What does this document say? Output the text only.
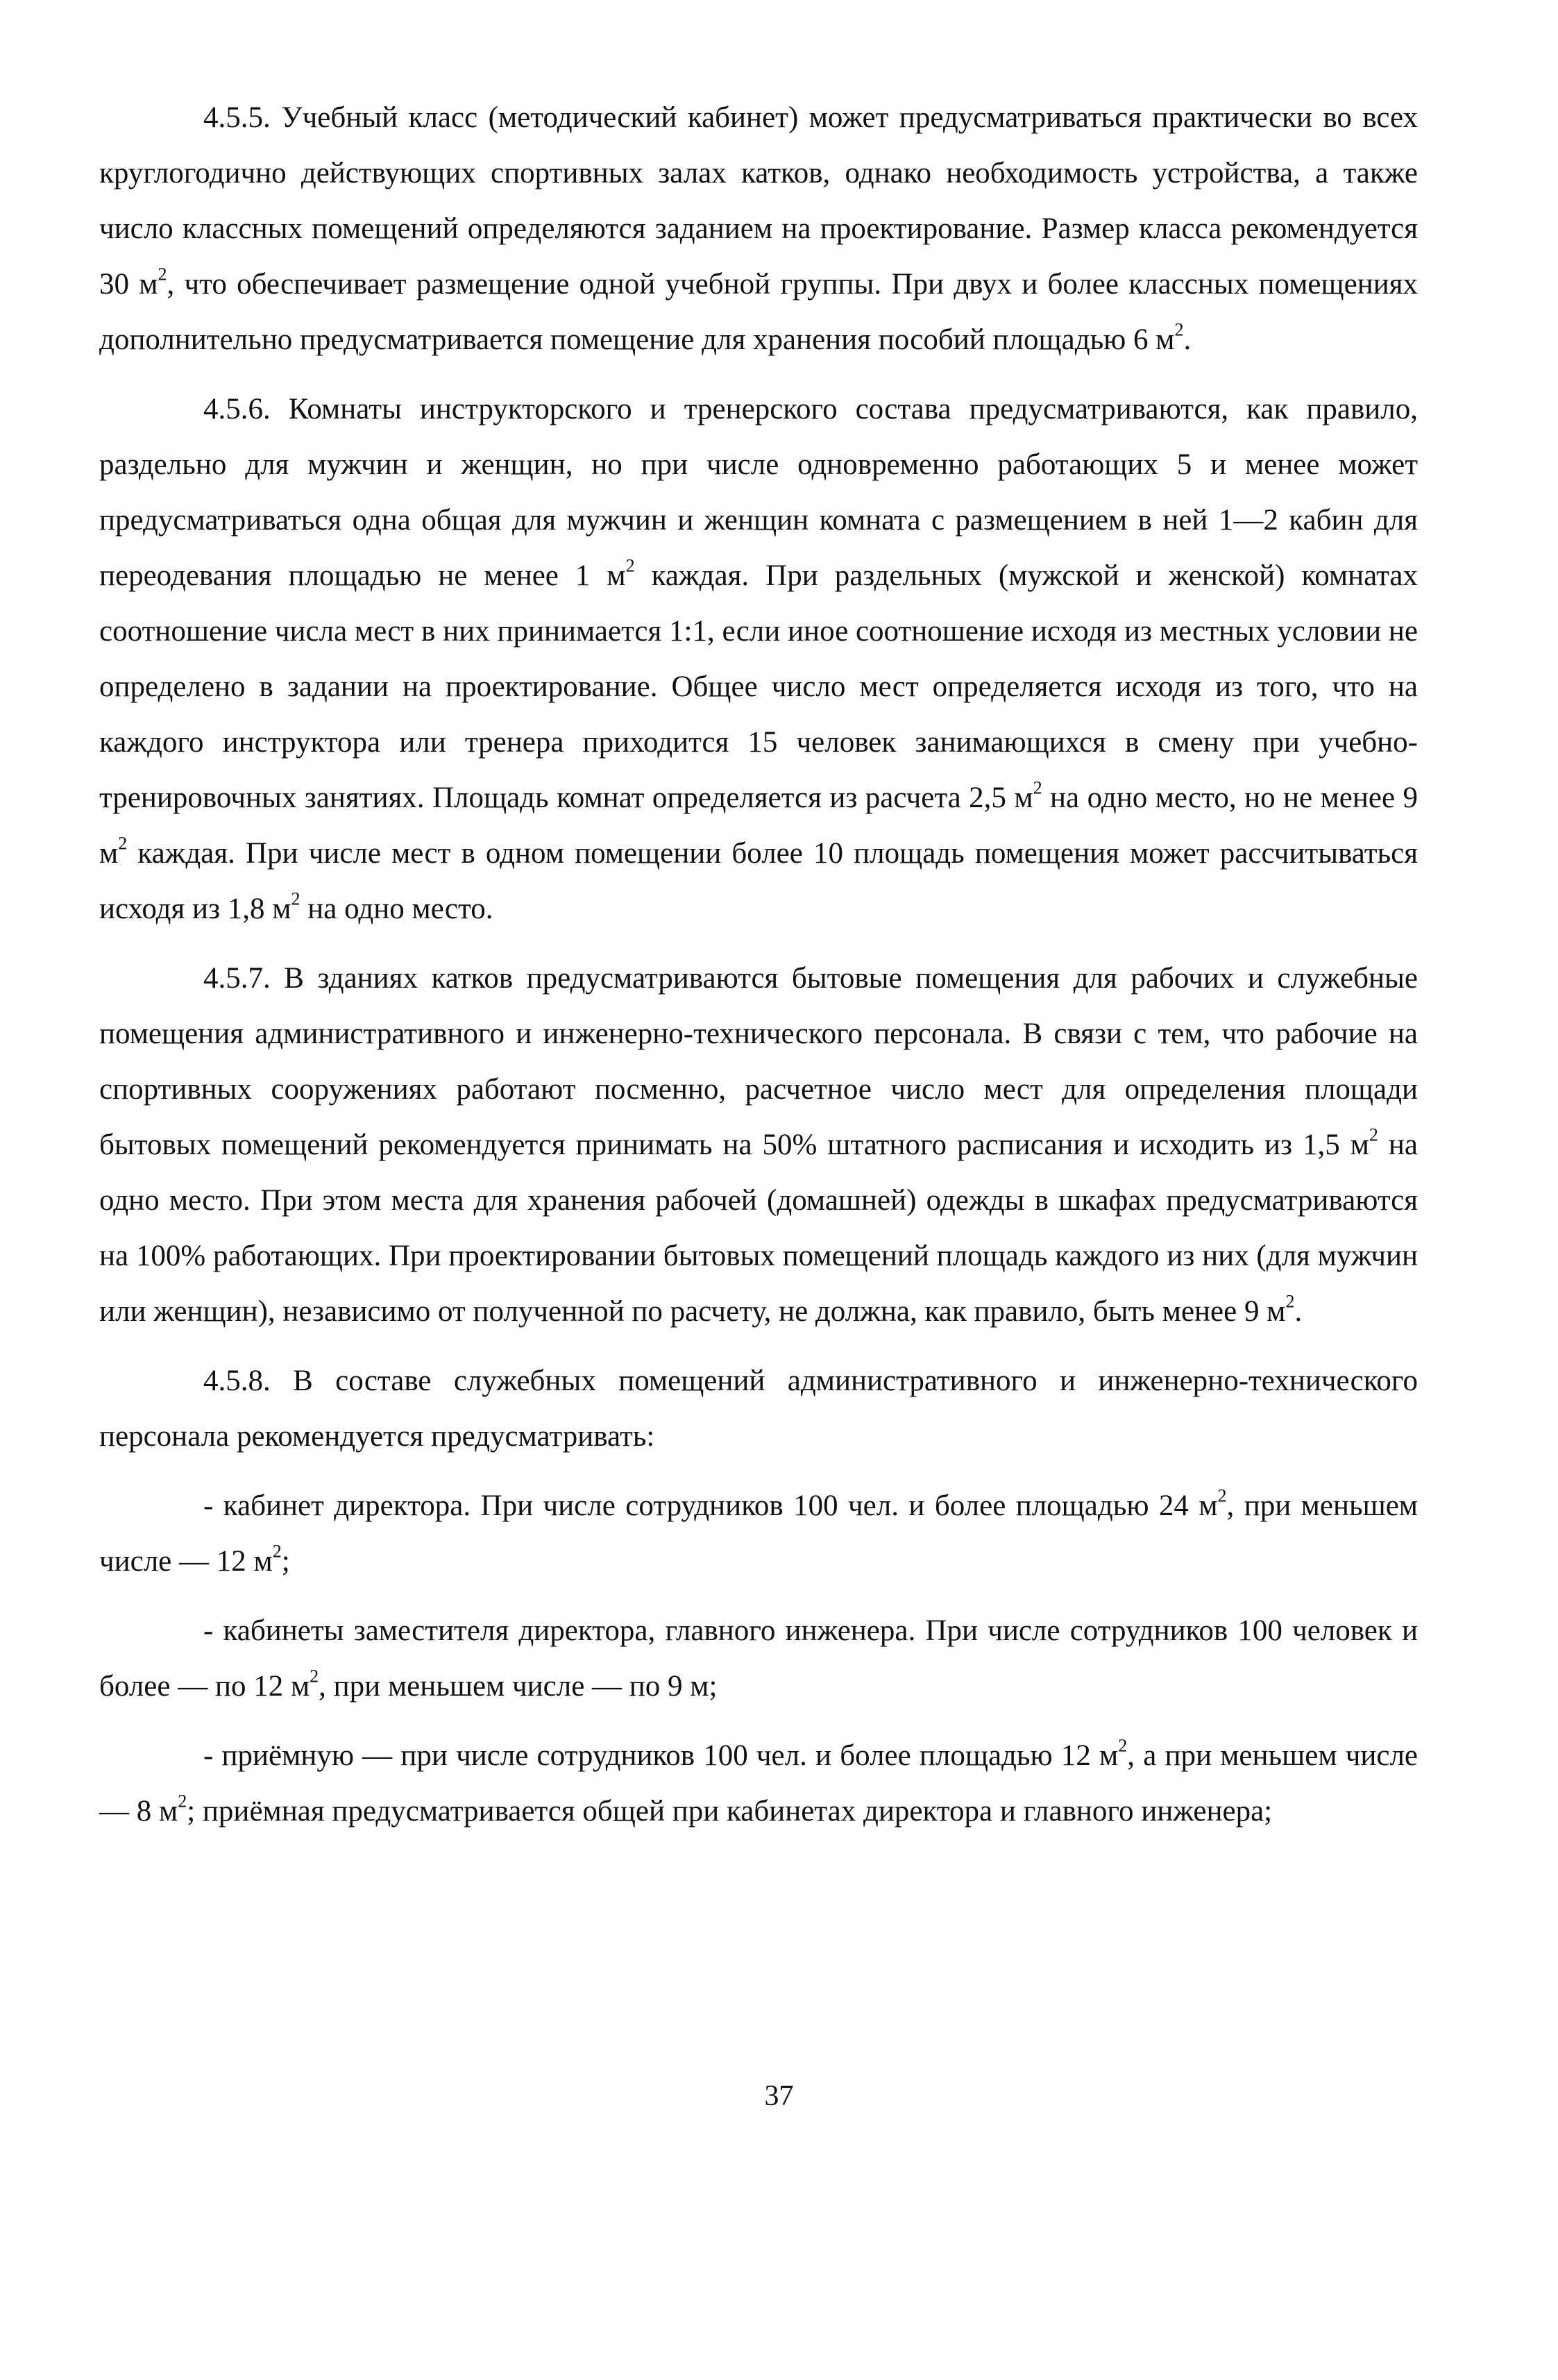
4.5.5. Учебный класс (методический кабинет) может предусматриваться практически во всех круглогодично действующих спортивных залах катков, однако необходимость устройства, а также число классных помещений определяются заданием на проектирование. Размер класса рекомендуется 30 $м^2$, что обеспечивает размещение одной учебной группы. При двух и более классных помещениях дополнительно предусматривается помещение для хранения пособий площадью 6 $м^2$.

4.5.6. Комнаты инструкторского и тренерского состава предусматриваются, как правило, раздельно для мужчин и женщин, но при числе одновременно работающих 5 и менее может предусматриваться одна общая для мужчин и женщин комната с размещением в ней 1—2 кабин для переодевания площадью не менее 1 $м^2$ каждая. При раздельных (мужской и женской) комнатах соотношение числа мест в них принимается 1:1, если иное соотношение исходя из местных условии не определено в задании на проектирование. Общее число мест определяется исходя из того, что на каждого инструктора или тренера приходится 15 человек занимающихся в смену при учебно-тренировочных занятиях. Площадь комнат определяется из расчета 2,5 $м^2$ на одно место, но не менее 9 $м^2$ каждая. При числе мест в одном помещении более 10 площадь помещения может рассчитываться исходя из 1,8 $м^2$ на одно место.

4.5.7. В зданиях катков предусматриваются бытовые помещения для рабочих и служебные помещения административного и инженерно-технического персонала. В связи с тем, что рабочие на спортивных сооружениях работают посменно, расчетное число мест для определения площади бытовых помещений рекомендуется принимать на 50% штатного расписания и исходить из 1,5 $м^2$ на одно место. При этом места для хранения рабочей (домашней) одежды в шкафах предусматриваются на 100% работающих. При проектировании бытовых помещений площадь каждого из них (для мужчин или женщин), независимо от полученной по расчету, не должна, как правило, быть менее 9 $м^2$.

4.5.8. В составе служебных помещений административного и инженерно-технического персонала рекомендуется предусматривать:

- кабинет директора. При числе сотрудников 100 чел. и более площадью 24 $м^2$, при меньшем числе — 12 $м^2$;

- кабинеты заместителя директора, главного инженера. При числе сотрудников 100 человек и более — по 12 $м^2$, при меньшем числе — по 9 м;

- приёмную — при числе сотрудников 100 чел. и более площадью 12 $м^2$, а при меньшем числе — 8 $м^2$; приёмная предусматривается общей при кабинетах директора и главного инженера;

37
